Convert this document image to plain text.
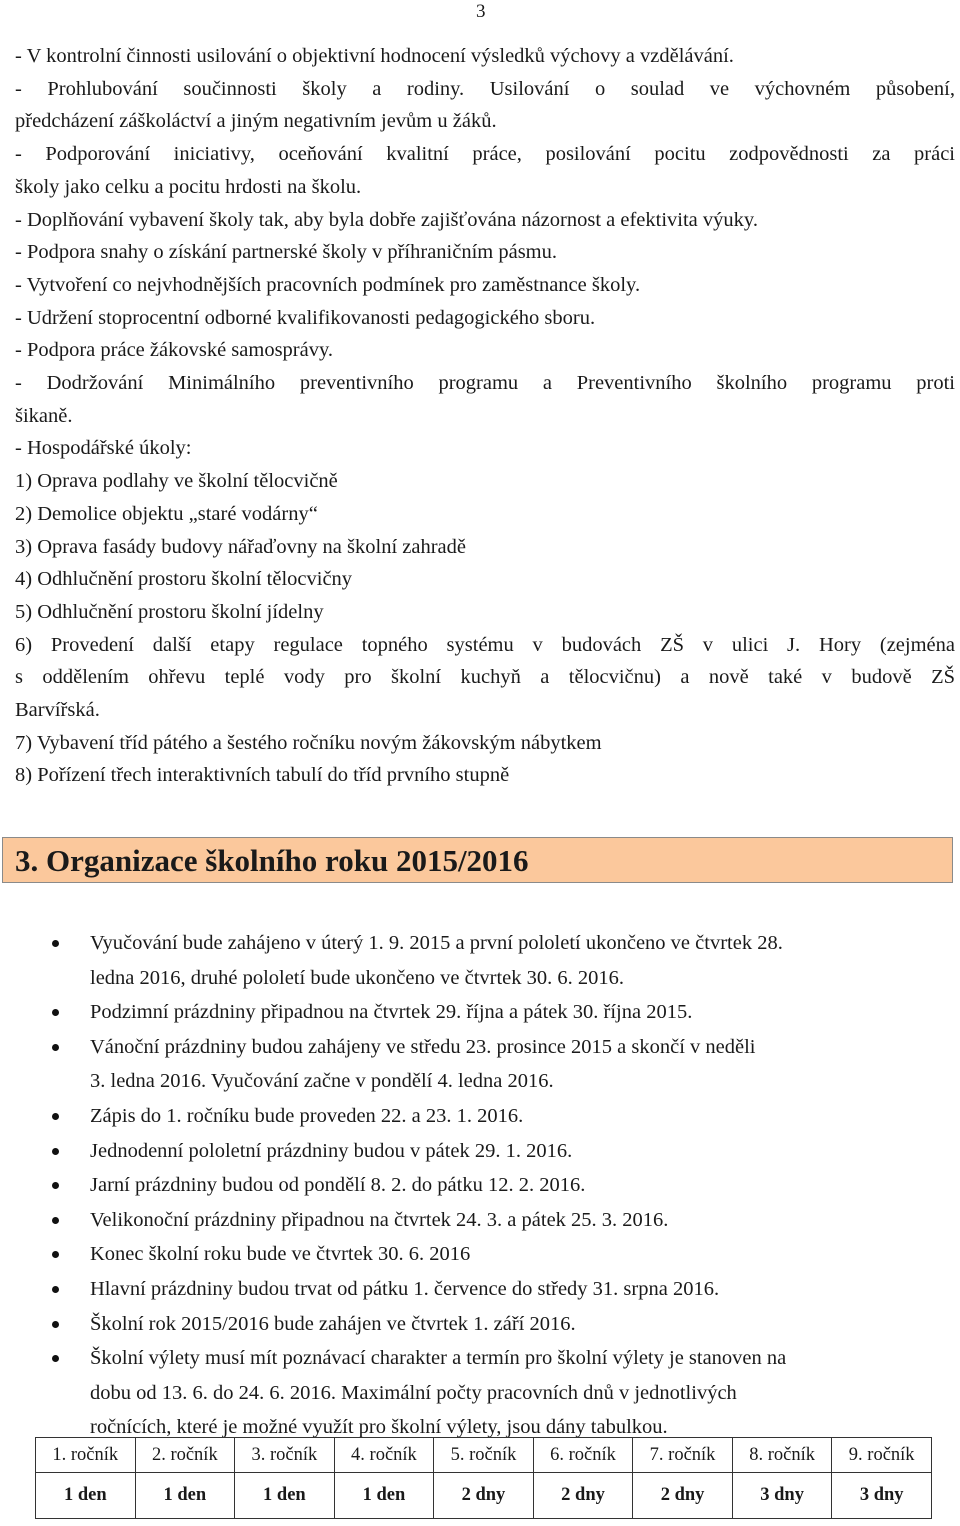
3
- V kontrolní činnosti usilování o objektivní hodnocení výsledků výchovy a vzdělávání.
- Prohlubování součinnosti školy a rodiny. Usilování o soulad ve výchovném působení,
předcházení záškoláctví a jiným negativním jevům u žáků.
- Podporování iniciativy, oceňování kvalitní práce, posilování pocitu zodpovědnosti za práci
školy jako celku a pocitu hrdosti na školu.
- Doplňování vybavení školy tak, aby byla dobře zajišťována názornost a efektivita výuky.
- Podpora snahy o získání partnerské školy v příhraničním pásmu.
- Vytvoření co nejvhodnějších pracovních podmínek pro zaměstnance školy.
- Udržení stoprocentní odborné kvalifikovanosti pedagogického sboru.
- Podpora práce žákovské samosprávy.
- Dodržování Minimálního preventivního programu a Preventivního školního programu proti
šikaně.
- Hospodářské úkoly:
1) Oprava podlahy ve školní tělocvičně
2) Demolice objektu „staré vodárny“
3) Oprava fasády budovy nářaďovny na školní zahradě
4) Odhlučnění prostoru školní tělocvičny
5) Odhlučnění prostoru školní jídelny
6) Provedení další etapy regulace topného systému v budovách ZŠ v ulici J. Hory (zejména
s oddělením ohřevu teplé vody pro školní kuchyň a tělocvičnu) a nově také v budově ZŠ
Barvířská.
7) Vybavení tříd pátého a šestého ročníku novým žákovským nábytkem
8) Pořízení třech interaktivních tabulí do tříd prvního stupně
3. Organizace školního roku 2015/2016
Vyučování bude zahájeno v úterý 1. 9. 2015 a první pololetí ukončeno ve čtvrtek 28.
ledna 2016, druhé pololetí bude ukončeno ve čtvrtek 30. 6. 2016.
Podzimní prázdniny připadnou na čtvrtek 29. října a pátek 30. října 2015.
Vánoční prázdniny budou zahájeny ve středu 23. prosince 2015 a skončí v neděli
3. ledna 2016. Vyučování začne v pondělí 4. ledna 2016.
Zápis do 1. ročníku bude proveden 22. a 23. 1. 2016.
Jednodenní pololetní prázdniny budou v pátek 29. 1. 2016.
Jarní prázdniny budou od pondělí 8. 2. do pátku 12. 2. 2016.
Velikonoční prázdniny připadnou na čtvrtek 24. 3. a pátek 25. 3. 2016.
Konec školní roku bude ve čtvrtek 30. 6. 2016
Hlavní prázdniny budou trvat od pátku 1. července do středy 31. srpna 2016.
Školní rok 2015/2016 bude zahájen ve čtvrtek 1. září 2016.
Školní výlety musí mít poznávací charakter a termín pro školní výlety je stanoven na
dobu od 13. 6. do 24. 6. 2016. Maximální počty pracovních dnů v jednotlivých
ročnících, které je možné využít pro školní výlety, jsou dány tabulkou.
1. ročník	2. ročník	3. ročník	4. ročník	5. ročník	6. ročník	7. ročník	8. ročník	9. ročník
1 den	1 den	1 den	1 den	2 dny	2 dny	2 dny	3 dny	3 dny
